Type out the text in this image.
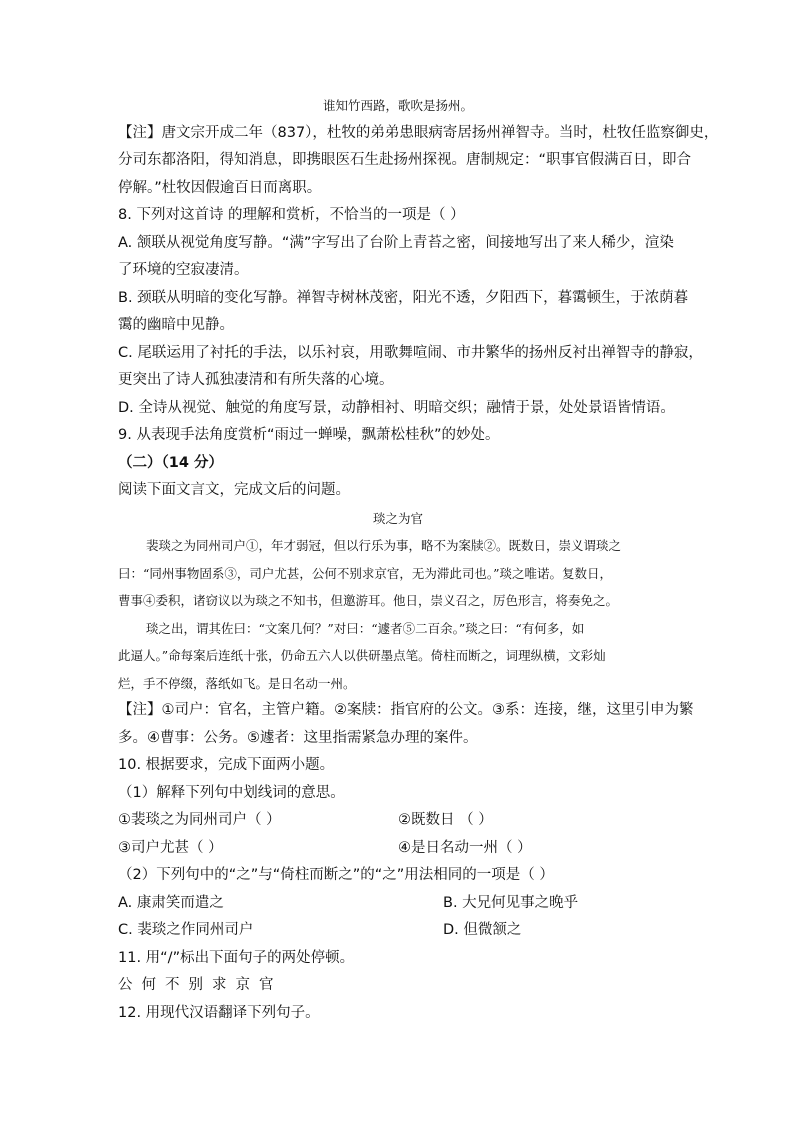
谁知竹西路，歌吹是扬州。
【注】唐文宗开成二年（837），杜牧的弟弟患眼病寄居扬州禅智寺。当时，杜牧任监察御史，
分司东都洛阳，得知消息，即携眼医石生赴扬州探视。唐制规定：“职事官假满百日，即合
停解。”杜牧因假逾百日而离职。
8. 下列对这首诗 的理解和赏析，不恰当的一项是（ ）
A. 颔联从视觉角度写静。“满”字写出了台阶上青苔之密，间接地写出了来人稀少，渲染
了环境的空寂凄清。
B. 颈联从明暗的变化写静。禅智寺树林茂密，阳光不透，夕阳西下，暮霭顿生，于浓荫暮
霭的幽暗中见静。
C. 尾联运用了衬托的手法，以乐衬哀，用歌舞喧闹、市井繁华的扬州反衬出禅智寺的静寂，
更突出了诗人孤独凄清和有所失落的心境。
D. 全诗从视觉、触觉的角度写景，动静相衬、明暗交织；融情于景，处处景语皆情语。
9. 从表现手法角度赏析“雨过一蝉噪，飘萧松桂秋”的妙处。
（二）（14 分）
阅读下面文言文，完成文后的问题。
琰之为官
裴琰之为同州司户①，年才弱冠，但以行乐为事，略不为案牍②。既数日，崇义谓琰之
曰：“同州事物固系③，司户尤甚，公何不别求京官，无为滞此司也。”琰之唯诺。复数日，
曹事④委积，诸窃议以为琰之不知书，但邀游耳。他日，崇义召之，厉色形言，将奏免之。
琰之出，谓其佐曰：“文案几何？”对曰：“遽者⑤二百余。”琰之曰：“有何多，如
此逼人。”命每案后连纸十张，仍命五六人以供研墨点笔。倚柱而断之，词理纵横，文彩灿
烂，手不停缀，落纸如飞。是日名动一州。
【注】①司户：官名，主管户籍。②案牍：指官府的公文。③系：连接，继，这里引申为繁
多。④曹事：公务。⑤遽者：这里指需紧急办理的案件。
10. 根据要求，完成下面两小题。
（1）解释下列句中划线词的意思。
①裴琰之为同州司户（ ）	②既数日 （ ）
③司户尤甚（ ）	④是日名动一州（ ）
（2）下列句中的“之”与“倚柱而断之”的“之”用法相同的一项是（ ）
A. 康肃笑而遣之	B. 大兄何见事之晚乎
C. 裴琰之作同州司户	D. 但微颔之
11. 用“/”标出下面句子的两处停顿。
公何不别求京官
12. 用现代汉语翻译下列句子。
